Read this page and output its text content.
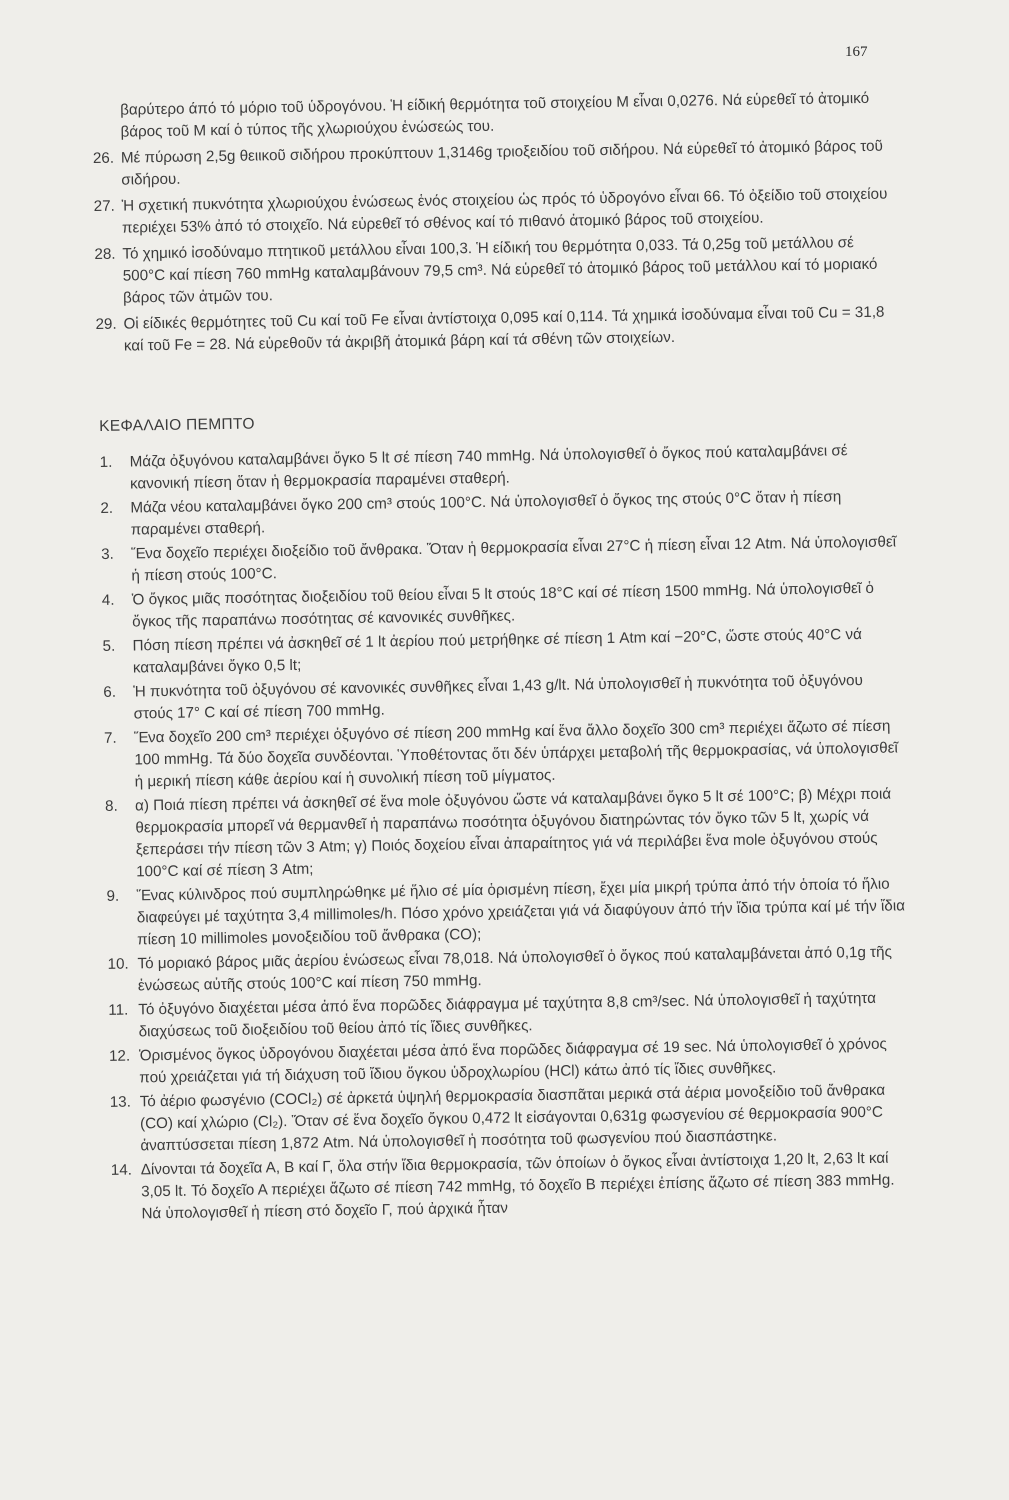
167
βαρύτερο άπό τό μόριο τοῦ ὑδρογόνου. Ἡ είδική θερμότητα τοῦ στοιχείου Μ εἶναι 0,0276. Νά εὑρεθεῖ τό ἀτομικό βάρος τοῦ Μ καί ὁ τύπος τῆς χλωριούχου ἑνώσεώς του.
26. Μέ πύρωση 2,5g θειικοῦ σιδήρου προκύπτουν 1,3146g τριοξειδίου τοῦ σιδήρου. Νά εὑρεθεῖ τό ἀτομικό βάρος τοῦ σιδήρου.
27. Ἡ σχετική πυκνότητα χλωριούχου ἑνώσεως ἑνός στοιχείου ὡς πρός τό ὑδρογόνο εἶναι 66. Τό ὀξείδιο τοῦ στοιχείου περιέχει 53% ἀπό τό στοιχεῖο. Νά εὑρεθεῖ τό σθένος καί τό πιθανό ἀτομικό βάρος τοῦ στοιχείου.
28. Τό χημικό ἰσοδύναμο πτητικοῦ μετάλλου εἶναι 100,3. Ἡ είδική του θερμότητα 0,033. Τά 0,25g τοῦ μετάλλου σέ 500°C καί πίεση 760 mmHg καταλαμβάνουν 79,5 cm³. Νά εὑρεθεῖ τό ἀτομικό βάρος τοῦ μετάλλου καί τό μοριακό βάρος τῶν ἀτμῶν του.
29. Οἱ είδικές θερμότητες τοῦ Cu καί τοῦ Fe εἶναι ἀντίστοιχα 0,095 καί 0,114. Τά χημικά ἰσοδύναμα εἶναι τοῦ Cu = 31,8 καί τοῦ Fe = 28. Νά εὑρεθοῦν τά ἀκριβῆ ἀτομικά βάρη καί τά σθένη τῶν στοιχείων.
ΚΕΦΑΛΑΙΟ ΠΕΜΠΤΟ
1.	Μάζα ὀξυγόνου καταλαμβάνει ὄγκο 5 lt σέ πίεση 740 mmHg. Νά ὑπολογισθεῖ ὁ ὄγκος πού καταλαμβάνει σέ κανονική πίεση ὅταν ἡ θερμοκρασία παραμένει σταθερή.
2.	Μάζα νέου καταλαμβάνει ὄγκο 200 cm³ στούς 100°C. Νά ὑπολογισθεῖ ὁ ὄγκος της στούς 0°C ὅταν ἡ πίεση παραμένει σταθερή.
3.	Ἕνα δοχεῖο περιέχει διοξείδιο τοῦ ἄνθρακα. Ὅταν ἡ θερμοκρασία εἶναι 27°C ἡ πίεση εἶναι 12 Atm. Νά ὑπολογισθεῖ ἡ πίεση στούς 100°C.
4.	Ὁ ὄγκος μιᾶς ποσότητας διοξειδίου τοῦ θείου εἶναι 5 lt στούς 18°C καί σέ πίεση 1500 mmHg. Νά ὑπολογισθεῖ ὁ ὄγκος τῆς παραπάνω ποσότητας σέ κανονικές συνθῆκες.
5.	Πόση πίεση πρέπει νά ἀσκηθεῖ σέ 1 lt ἀερίου πού μετρήθηκε σέ πίεση 1 Atm καί −20°C, ὥστε στούς 40°C νά καταλαμβάνει ὄγκο 0,5 lt;
6.	Ἡ πυκνότητα τοῦ ὀξυγόνου σέ κανονικές συνθῆκες εἶναι 1,43 g/lt. Νά ὑπολογισθεῖ ἡ πυκνότητα τοῦ ὀξυγόνου στούς 17° C καί σέ πίεση 700 mmHg.
7.	Ἕνα δοχεῖο 200 cm³ περιέχει ὀξυγόνο σέ πίεση 200 mmHg καί ἕνα ἄλλο δοχεῖο 300 cm³ περιέχει ἄζωτο σέ πίεση 100 mmHg. Τά δύο δοχεῖα συνδέονται. Ὑποθέτοντας ὅτι δέν ὑπάρχει μεταβολή τῆς θερμοκρασίας, νά ὑπολογισθεῖ ἡ μερική πίεση κάθε ἀερίου καί ἡ συνολική πίεση τοῦ μίγματος.
8.	α) Ποιά πίεση πρέπει νά ἀσκηθεῖ σέ ἕνα mole ὀξυγόνου ὥστε νά καταλαμβάνει ὄγκο 5 lt σέ 100°C; β) Μέχρι ποιά θερμοκρασία μπορεῖ νά θερμανθεῖ ἡ παραπάνω ποσότητα ὀξυγόνου διατηρώντας τόν ὄγκο τῶν 5 lt, χωρίς νά ξεπεράσει τήν πίεση τῶν 3 Atm; γ) Ποιός δοχείου εἶναι ἀπαραίτητος γιά νά περιλάβει ἕνα mole ὀξυγόνου στούς 100°C καί σέ πίεση 3 Atm;
9.	Ἕνας κύλινδρος πού συμπληρώθηκε μέ ἥλιο σέ μία ὁρισμένη πίεση, ἔχει μία μικρή τρύπα ἀπό τήν ὁποία τό ἥλιο διαφεύγει μέ ταχύτητα 3,4 millimoles/h. Πόσο χρόνο χρειάζεται γιά νά διαφύγουν ἀπό τήν ἴδια τρύπα καί μέ τήν ἴδια πίεση 10 millimoles μονοξειδίου τοῦ ἄνθρακα (CO);
10. Τό μοριακό βάρος μιᾶς ἀερίου ἑνώσεως εἶναι 78,018. Νά ὑπολογισθεῖ ὁ ὄγκος πού καταλαμβάνεται ἀπό 0,1g τῆς ἑνώσεως αὐτῆς στούς 100°C καί πίεση 750 mmHg.
11. Τό ὀξυγόνο διαχέεται μέσα ἀπό ἕνα πορῶδες διάφραγμα μέ ταχύτητα 8,8 cm³/sec. Νά ὑπολογισθεῖ ἡ ταχύτητα διαχύσεως τοῦ διοξειδίου τοῦ θείου ἀπό τίς ἴδιες συνθῆκες.
12. Ὁρισμένος ὄγκος ὑδρογόνου διαχέεται μέσα ἀπό ἕνα πορῶδες διάφραγμα σέ 19 sec. Νά ὑπολογισθεῖ ὁ χρόνος πού χρειάζεται γιά τή διάχυση τοῦ ἴδιου ὄγκου ὑδροχλωρίου (HCl) κάτω ἀπό τίς ἴδιες συνθῆκες.
13. Τό ἀέριο φωσγένιο (COCl₂) σέ ἀρκετά ὑψηλή θερμοκρασία διασπᾶται μερικά στά ἀέρια μονοξείδιο τοῦ ἄνθρακα (CO) καί χλώριο (Cl₂). Ὅταν σέ ἕνα δοχεῖο ὄγκου 0,472 lt εἰσάγονται 0,631g φωσγενίου σέ θερμοκρασία 900°C ἀναπτύσσεται πίεση 1,872 Atm. Νά ὑπολογισθεῖ ἡ ποσότητα τοῦ φωσγενίου πού διασπάστηκε.
14. Δίνονται τά δοχεῖα Α, Β καί Γ, ὅλα στήν ἴδια θερμοκρασία, τῶν ὁποίων ὁ ὄγκος εἶναι ἀντίστοιχα 1,20 lt, 2,63 lt καί 3,05 lt. Τό δοχεῖο Α περιέχει ἄζωτο σέ πίεση 742 mmHg, τό δοχεῖο Β περιέχει ἐπίσης ἄζωτο σέ πίεση 383 mmHg. Νά ὑπολογισθεῖ ἡ πίεση στό δοχεῖο Γ, πού ἀρχικά ἦταν
